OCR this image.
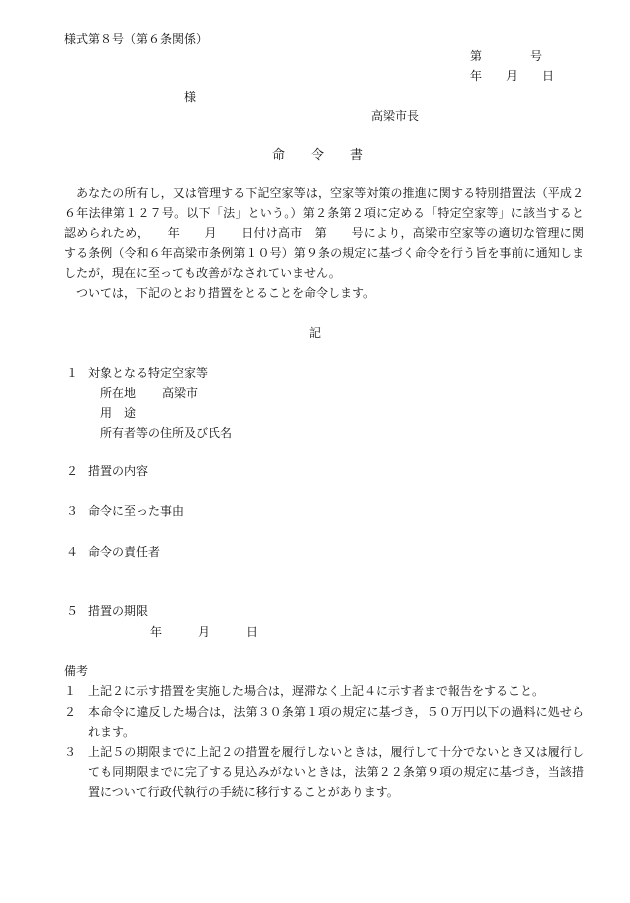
様式第８号（第６条関係）
第　　　　号
年　　月　　日
様
高梁市長
命　　令　　書
あなたの所有し，又は管理する下記空家等は，空家等対策の推進に関する特別措置法（平成２６年法律第１２７号。以下「法」という。）第２条第２項に定める「特定空家等」に該当すると認められため，　　年　　月　　日付け高市　第　　号により，高梁市空家等の適切な管理に関する条例（令和６年高梁市条例第１０号）第９条の規定に基づく命令を行う旨を事前に通知しましたが，現在に至っても改善がなされていません。
ついては，下記のとおり措置をとることを命令します。
記
１ 対象となる特定空家等
所在地 高梁市
用　途
所有者等の住所及び氏名
２ 措置の内容
３ 命令に至った事由
４ 命令の責任者
５ 措置の期限
年　　　月　　　日
備考
１ 上記２に示す措置を実施した場合は，遅滞なく上記４に示す者まで報告をすること。
２ 本命令に違反した場合は，法第３０条第１項の規定に基づき，５０万円以下の過料に処せられます。
３ 上記５の期限までに上記２の措置を履行しないときは，履行して十分でないとき又は履行しても同期限までに完了する見込みがないときは，法第２２条第９項の規定に基づき，当該措置について行政代執行の手続に移行することがあります。
